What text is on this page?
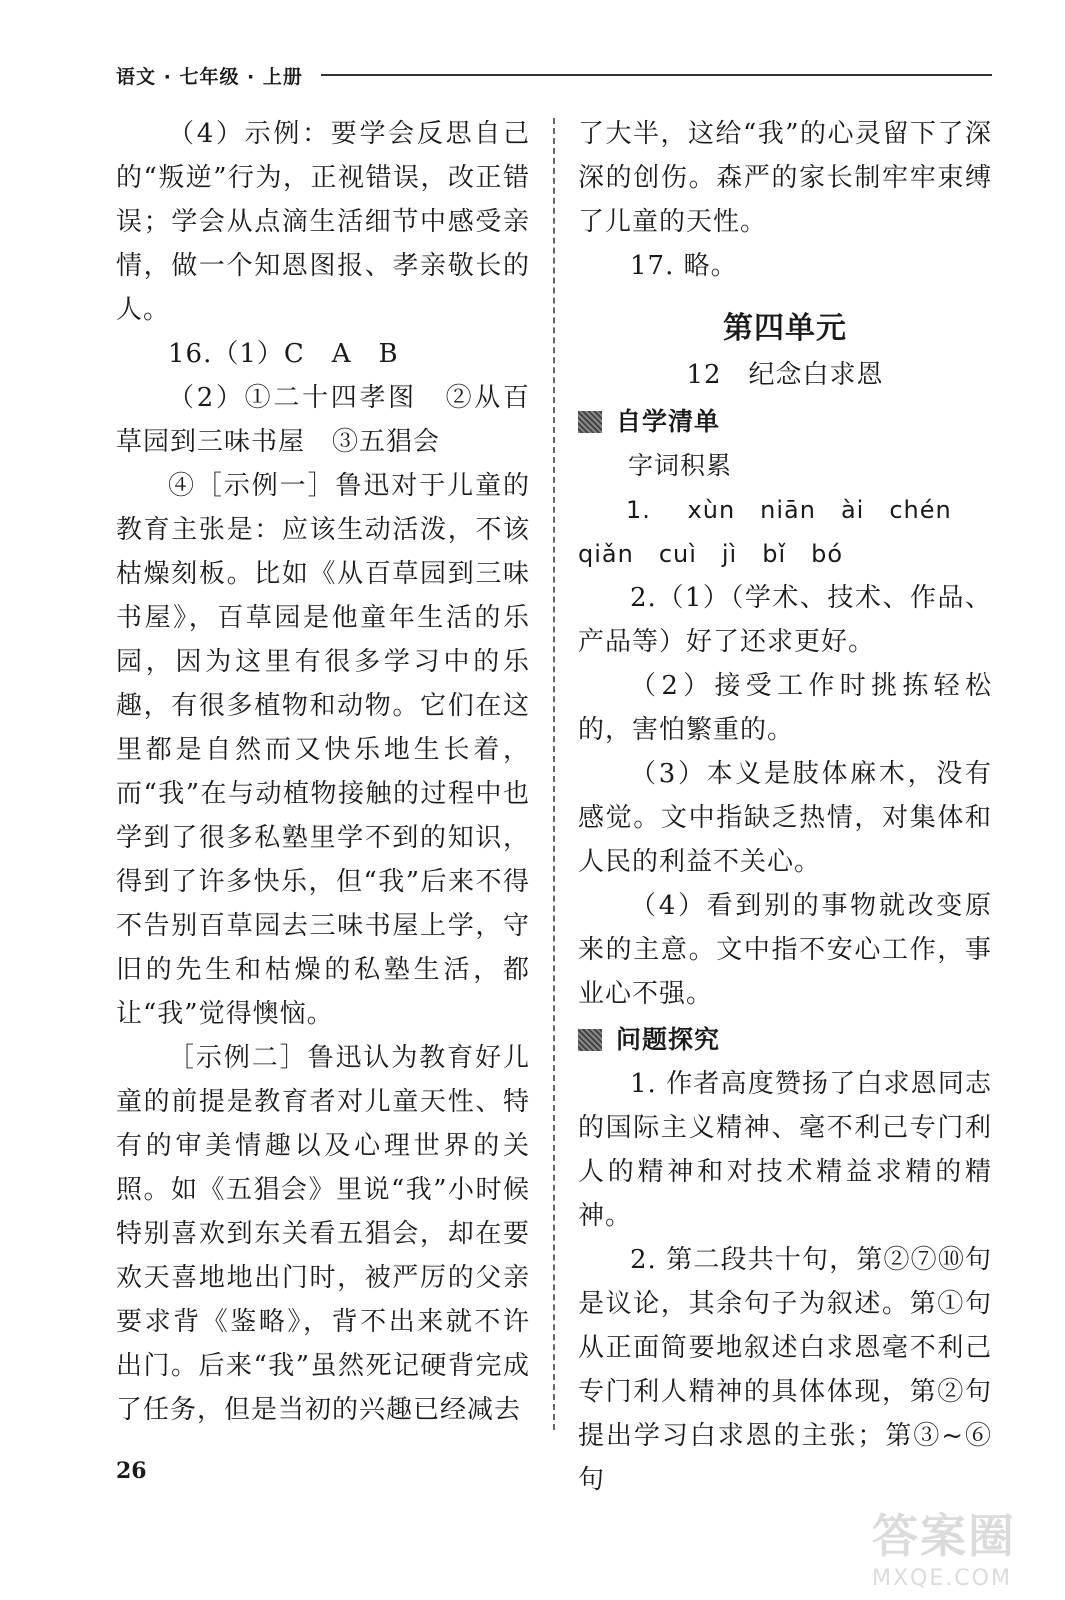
语文 · 七年级 · 上册

（4）示例：要学会反思自己的“叛逆”行为，正视错误，改正错误；学会从点滴生活细节中感受亲情，做一个知恩图报、孝亲敬长的人。

16.（1）C　A　B

（2）①二十四孝图　②从百草园到三味书屋　③五猖会

④［示例一］鲁迅对于儿童的教育主张是：应该生动活泼，不该枯燥刻板。比如《从百草园到三味书屋》，百草园是他童年生活的乐园，因为这里有很多学习中的乐趣，有很多植物和动物。它们在这里都是自然而又快乐地生长着，而“我”在与动植物接触的过程中也学到了很多私塾里学不到的知识，得到了许多快乐，但“我”后来不得不告别百草园去三味书屋上学，守旧的先生和枯燥的私塾生活，都让“我”觉得懊恼。

［示例二］鲁迅认为教育好儿童的前提是教育者对儿童天性、特有的审美情趣以及心理世界的关照。如《五猖会》里说“我”小时候特别喜欢到东关看五猖会，却在要欢天喜地地出门时，被严厉的父亲要求背《鉴略》，背不出来就不许出门。后来“我”虽然死记硬背完成了任务，但是当初的兴趣已经减去

了大半，这给“我”的心灵留下了深深的创伤。森严的家长制牢牢束缚了儿童的天性。

17. 略。

第四单元
12　纪念白求恩
自学清单
字词积累

1. xùn　niān　ài　chén

qiǎn　cuì　jì　bǐ　bó

2.（1）（学术、技术、作品、产品等）好了还求更好。

（2）接受工作时挑拣轻松的，害怕繁重的。

（3）本义是肢体麻木，没有感觉。文中指缺乏热情，对集体和人民的利益不关心。

（4）看到别的事物就改变原来的主意。文中指不安心工作，事业心不强。

问题探究

1. 作者高度赞扬了白求恩同志的国际主义精神、毫不利己专门利人的精神和对技术精益求精的精神。

2. 第二段共十句，第②⑦⑩句是议论，其余句子为叙述。第①句从正面简要地叙述白求恩毫不利己专门利人精神的具体体现，第②句提出学习白求恩的主张；第③~⑥句

26
答案圈
MXQE.COM
